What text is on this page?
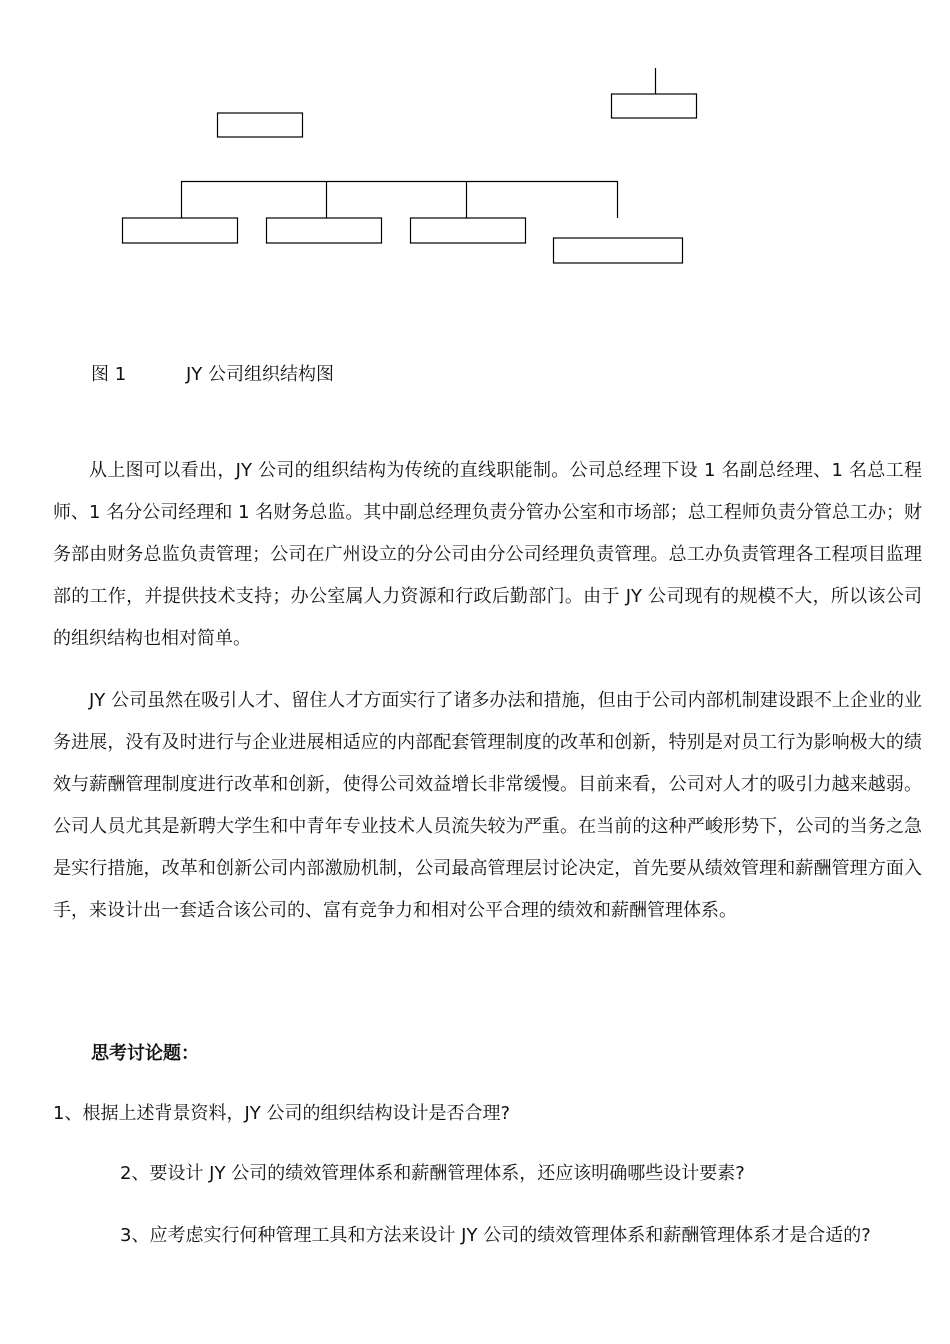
图 1	JY 公司组织结构图

从上图可以看出，JY 公司的组织结构为传统的直线职能制。公司总经理下设 1 名副总经理、1 名总工程师、1 名分公司经理和 1 名财务总监。其中副总经理负责分管办公室和市场部；总工程师负责分管总工办；财务部由财务总监负责管理；公司在广州设立的分公司由分公司经理负责管理。总工办负责管理各工程项目监理部的工作，并提供技术支持；办公室属人力资源和行政后勤部门。由于 JY 公司现有的规模不大，所以该公司的组织结构也相对简单。

JY 公司虽然在吸引人才、留住人才方面实行了诸多办法和措施，但由于公司内部机制建设跟不上企业的业务进展，没有及时进行与企业进展相适应的内部配套管理制度的改革和创新，特别是对员工行为影响极大的绩效与薪酬管理制度进行改革和创新，使得公司效益增长非常缓慢。目前来看，公司对人才的吸引力越来越弱。公司人员尤其是新聘大学生和中青年专业技术人员流失较为严重。在当前的这种严峻形势下，公司的当务之急是实行措施，改革和创新公司内部激励机制，公司最高管理层讨论决定，首先要从绩效管理和薪酬管理方面入手，来设计出一套适合该公司的、富有竞争力和相对公平合理的绩效和薪酬管理体系。

思考讨论题：
1、根据上述背景资料，JY 公司的组织结构设计是否合理?
2、要设计 JY 公司的绩效管理体系和薪酬管理体系，还应该明确哪些设计要素?
3、应考虑实行何种管理工具和方法来设计 JY 公司的绩效管理体系和薪酬管理体系才是合适的?
